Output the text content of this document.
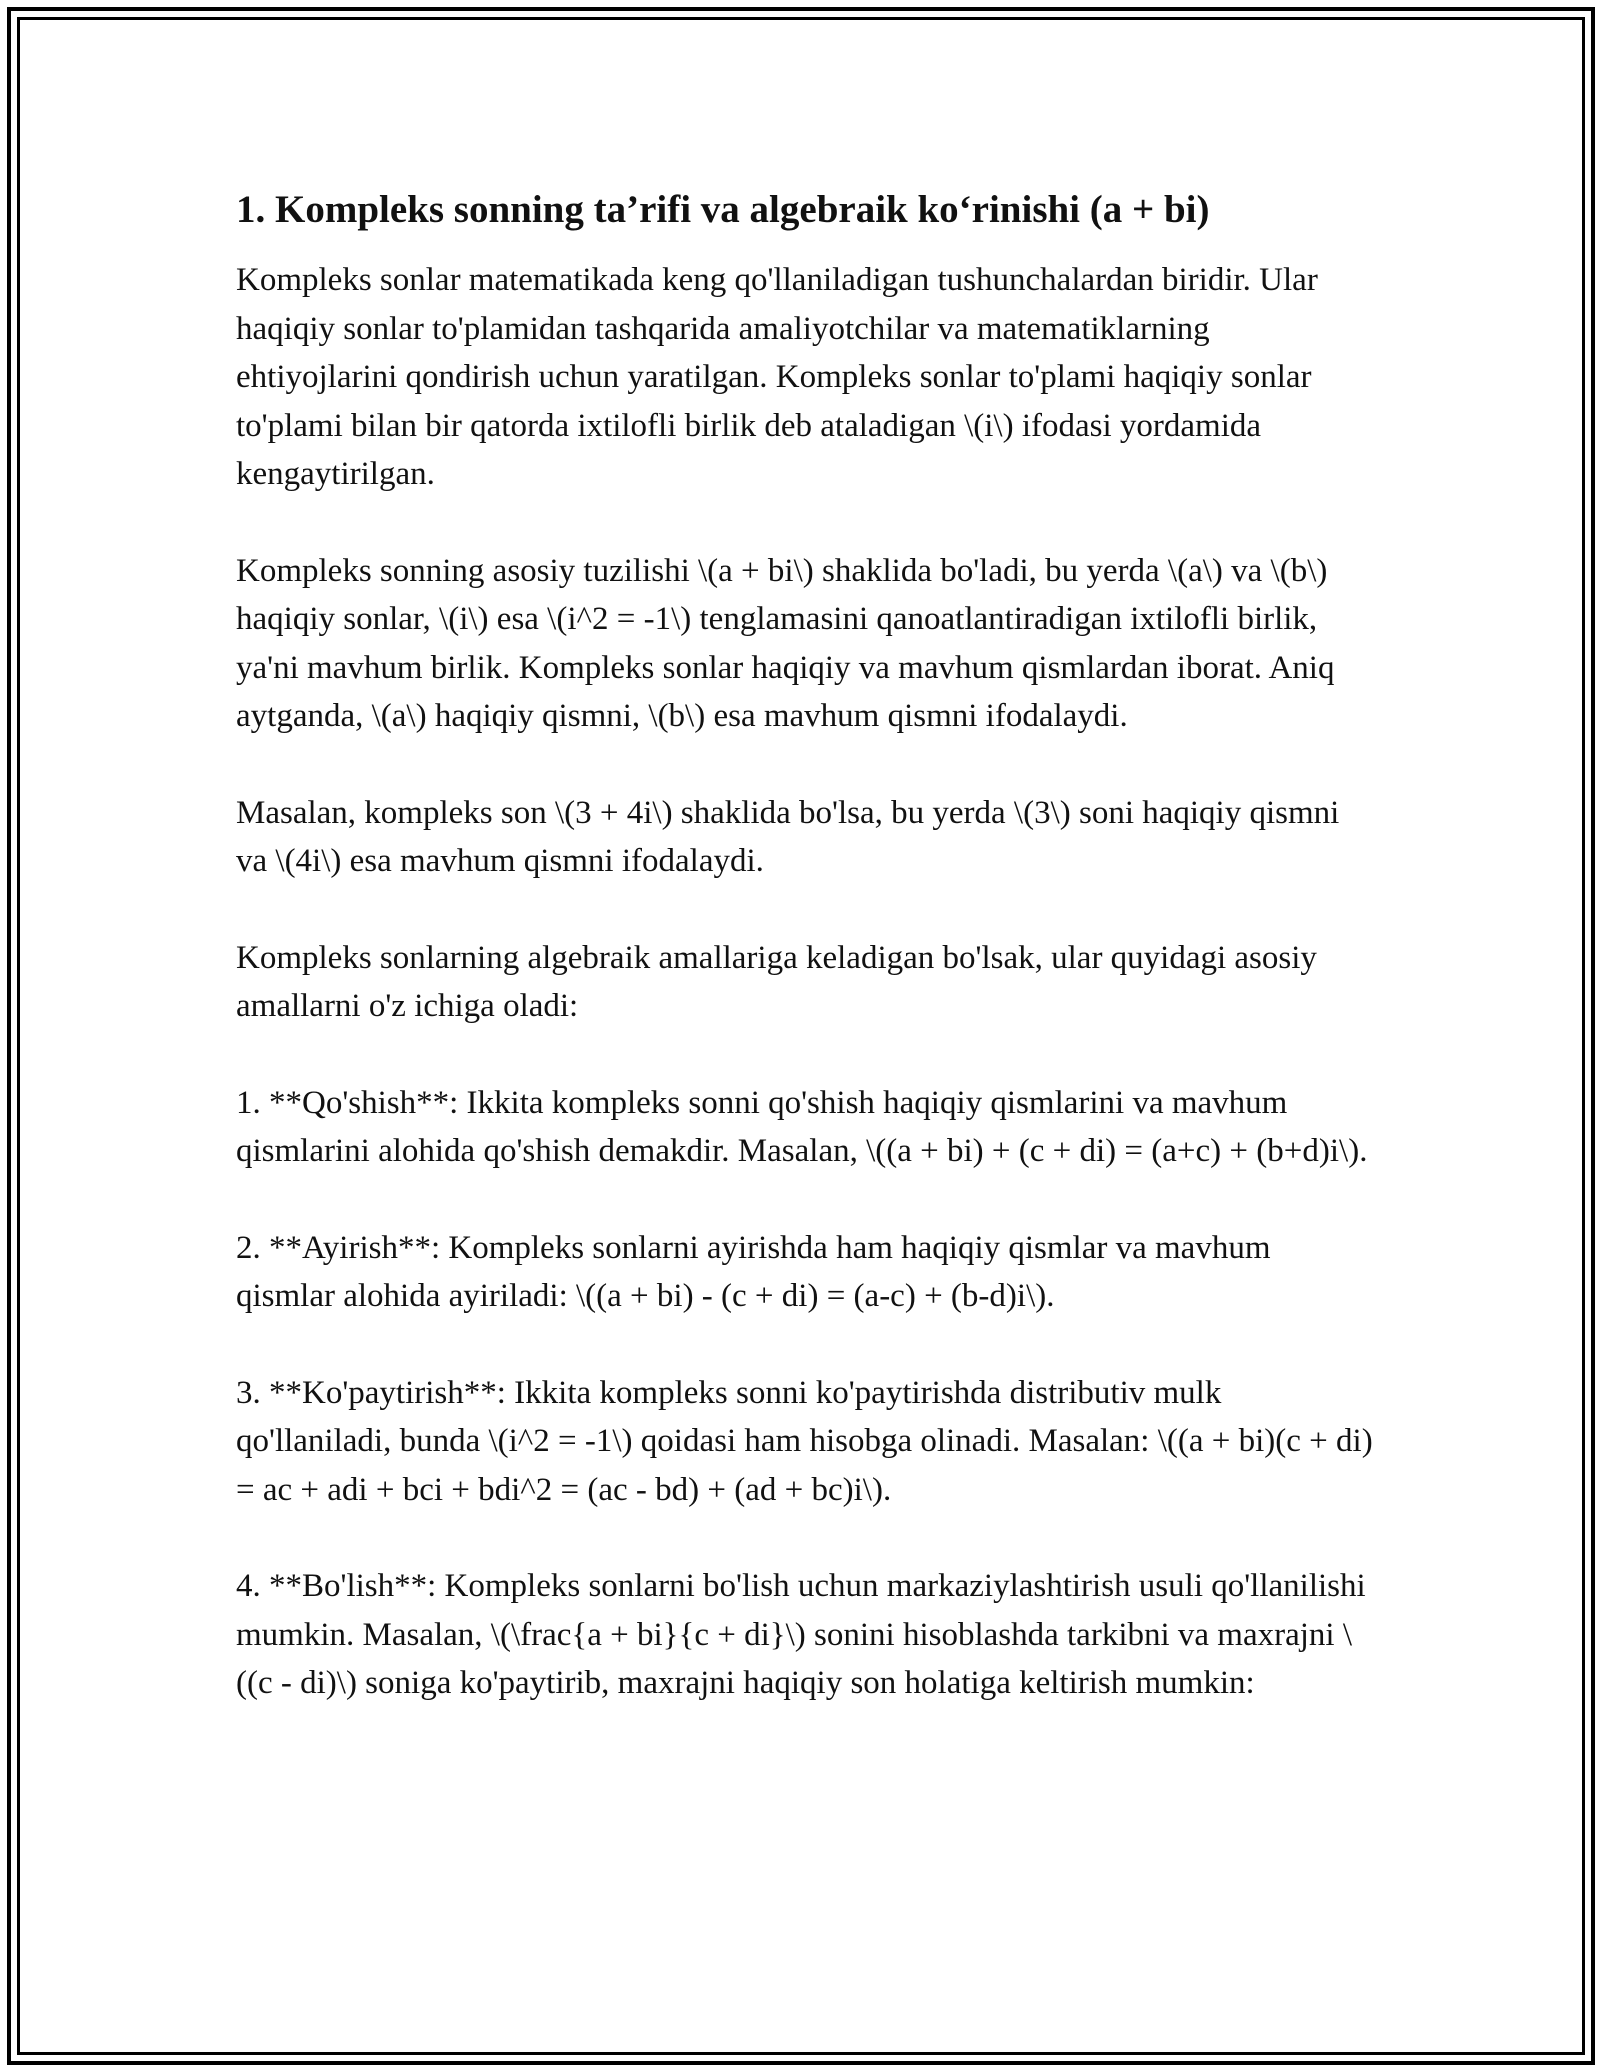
1. Kompleks sonning ta’rifi va algebraik ko‘rinishi (a + bi)

Kompleks sonlar matematikada keng qo'llaniladigan tushunchalardan biridir. Ular haqiqiy sonlar to'plamidan tashqarida amaliyotchilar va matematiklarning ehtiyojlarini qondirish uchun yaratilgan. Kompleks sonlar to'plami haqiqiy sonlar to'plami bilan bir qatorda ixtilofli birlik deb ataladigan \(i\) ifodasi yordamida kengaytirilgan.

Kompleks sonning asosiy tuzilishi \(a + bi\) shaklida bo'ladi, bu yerda \(a\) va \(b\) haqiqiy sonlar, \(i\) esa \(i^2 = -1\) tenglamasini qanoatlantiradigan ixtilofli birlik, ya'ni mavhum birlik. Kompleks sonlar haqiqiy va mavhum qismlardan iborat. Aniq aytganda, \(a\) haqiqiy qismni, \(b\) esa mavhum qismni ifodalaydi.

Masalan, kompleks son \(3 + 4i\) shaklida bo'lsa, bu yerda \(3\) soni haqiqiy qismni va \(4i\) esa mavhum qismni ifodalaydi.

Kompleks sonlarning algebraik amallariga keladigan bo'lsak, ular quyidagi asosiy amallarni o'z ichiga oladi:

1. **Qo'shish**: Ikkita kompleks sonni qo'shish haqiqiy qismlarini va mavhum qismlarini alohida qo'shish demakdir. Masalan, \((a + bi) + (c + di) = (a+c) + (b+d)i\).

2. **Ayirish**: Kompleks sonlarni ayirishda ham haqiqiy qismlar va mavhum qismlar alohida ayiriladi: \((a + bi) - (c + di) = (a-c) + (b-d)i\).

3. **Ko'paytirish**: Ikkita kompleks sonni ko'paytirishda distributiv mulk qo'llaniladi, bunda \(i^2 = -1\) qoidasi ham hisobga olinadi. Masalan: \((a + bi)(c + di) = ac + adi + bci + bdi^2 = (ac - bd) + (ad + bc)i\).

4. **Bo'lish**: Kompleks sonlarni bo'lish uchun markaziylashtirish usuli qo'llanilishi mumkin. Masalan, \(\frac{a + bi}{c + di}\) sonini hisoblashda tarkibni va maxrajni \((c - di)\) soniga ko'paytirib, maxrajni haqiqiy son holatiga keltirish mumkin:
